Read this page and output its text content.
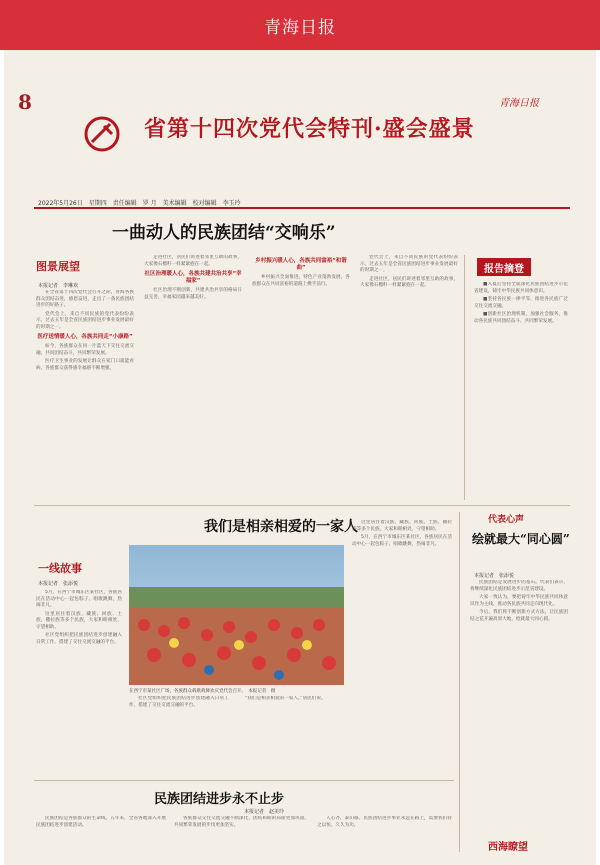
青海日报
8
省第十四次党代会特刊·盛会盛景
青海日报
2022年5月26日　星期四　责任编辑　罗 月　美术编辑　校对编辑　李玉玲
一曲动人的民族团结“交响乐”
图景展望
本报记者　李琳欢

在全省第十四次党代会召开之际，青海各族群众团结奋进，感恩奋进，走出了一条民族团结进步的好路子。

党代会上，来自不同民族的党代表纷纷表示，过去五年是全省民族团结进步事业发展最好的时期之一。

医疗送情暖人心，各族共同走“小康路”

如今，各族群众在同一片蓝天下交往交流交融，共同团结奋斗，共同繁荣发展。

医疗卫生事业的发展让群众在家门口就能看病，各族群众获得感幸福感不断增强。

走进社区，居民们讲述着邻里互助的故事，大家像石榴籽一样紧紧抱在一起。

社区治理暖人心，各族共建共治共享“幸福家”

社区治理不断创新，共建共治共享的格局日益完善，幸福家园越来越美好。

乡村振兴暖人心，各族共同富裕“和谐曲”

乡村振兴全面推进，特色产业蓬勃发展，各族群众在共同富裕的道路上携手前行。

党代会上，来自不同民族的党代表纷纷表示，过去五年是全省民族团结进步事业发展最好的时期之一。

走进社区，居民们讲述着邻里互助的故事，大家像石榴籽一样紧紧抱在一起。

报告摘登

■入夏后坚持全面深化民族团结进步示范省建设，铸牢中华民族共同体意识。

■坚持各民族一律平等，推进各民族广泛交往交流交融。

■创新社区治理机制，加强社会服务，推动各民族共同团结奋斗、共同繁荣发展。

我们是相亲相爱的一家人
一线故事
本报记者　张添悦

5月，在西宁市城东区某社区，各族居民在活动中心一起包粽子、唱歌跳舞，热闹非凡。

这里居住着汉族、藏族、回族、土族、撒拉族等多个民族，大家和睦相处，守望相助。

社区党组织把民族团结进步创建融入日常工作，搭建了交往交流交融的平台。

在西宁市某社区广场，各族群众载歌载舞欢庆党代会召开。　本报记者　摄

社区党组织把民族团结进步创建融入日常工作，搭建了交往交流交融的平台。

“我们是相亲相爱的一家人。”居民们说。

这里居住着汉族、藏族、回族、土族、撒拉族等多个民族，大家和睦相处，守望相助。

5月，在西宁市城东区某社区，各族居民在活动中心一起包粽子、唱歌跳舞，热闹非凡。

代表心声
绘就最大“同心圆”
本报记者　张添悦

民族团结是发展进步的基石。代表们表示，将继续深化民族团结进步示范省建设。

大家一致认为，要把铸牢中华民族共同体意识作为主线，推动各民族共同走向现代化。

今后，我们将不断创新方式方法，让民族团结之花开遍高原大地，绘就最大同心圆。

民族团结进步永不止步
本报记者　赵美玲

民族团结是各族群众的生命线。五年来，全省各地深入开展民族团结进步创建活动。

各族群众交往交流交融不断深化，团结和睦的局面更加巩固，共同繁荣发展的步伐更加坚实。

人心齐，泰山移。民族团结进步事业永远在路上，需要我们持之以恒、久久为功。

西海瞭望
